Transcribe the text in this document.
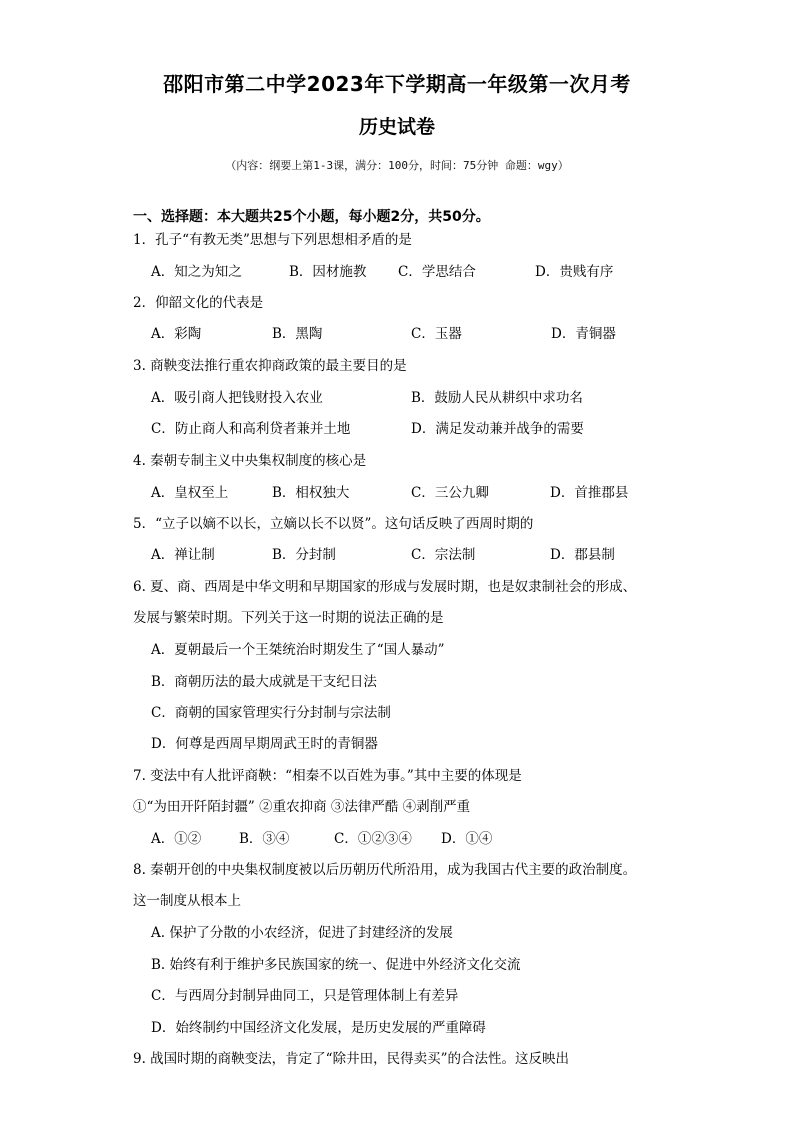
邵阳市第二中学2023年下学期高一年级第一次月考
历史试卷
（内容：纲要上第1-3课，满分：100分，时间：75分钟 命题：wgy）
一、选择题：本大题共25个小题，每小题2分，共50分。
1．孔子“有教无类”思想与下列思想相矛盾的是
A．知之为知之	B．因材施教 C．学思结合	D．贵贱有序
2．仰韶文化的代表是
A．彩陶	B．黑陶	C．玉器	D．青铜器
3. 商鞅变法推行重农抑商政策的最主要目的是
A．吸引商人把钱财投入农业	B．鼓励人民从耕织中求功名
C．防止商人和高利贷者兼并土地	D．满足发动兼并战争的需要
4. 秦朝专制主义中央集权制度的核心是
A．皇权至上	B．相权独大	C．三公九卿	D．首推郡县
5．“立子以嫡不以长，立嫡以长不以贤”。这句话反映了西周时期的
A．禅让制	B．分封制	C．宗法制	D．郡县制
6. 夏、商、西周是中华文明和早期国家的形成与发展时期，也是奴隶制社会的形成、
发展与繁荣时期。下列关于这一时期的说法正确的是
A．夏朝最后一个王桀统治时期发生了“国人暴动”
B．商朝历法的最大成就是干支纪日法
C．商朝的国家管理实行分封制与宗法制
D．何尊是西周早期周武王时的青铜器
7. 变法中有人批评商鞅：“相秦不以百姓为事。”其中主要的体现是
①“为田开阡陌封疆” ②重农抑商 ③法律严酷 ④剥削严重
A．①②	B．③④	C．①②③④ D．①④
8. 秦朝开创的中央集权制度被以后历朝历代所沿用，成为我国古代主要的政治制度。
这一制度从根本上
A. 保护了分散的小农经济，促进了封建经济的发展
B. 始终有利于维护多民族国家的统一、促进中外经济文化交流
C．与西周分封制异曲同工，只是管理体制上有差异
D．始终制约中国经济文化发展，是历史发展的严重障碍
9. 战国时期的商鞅变法，肯定了“除井田，民得卖买”的合法性。这反映出
